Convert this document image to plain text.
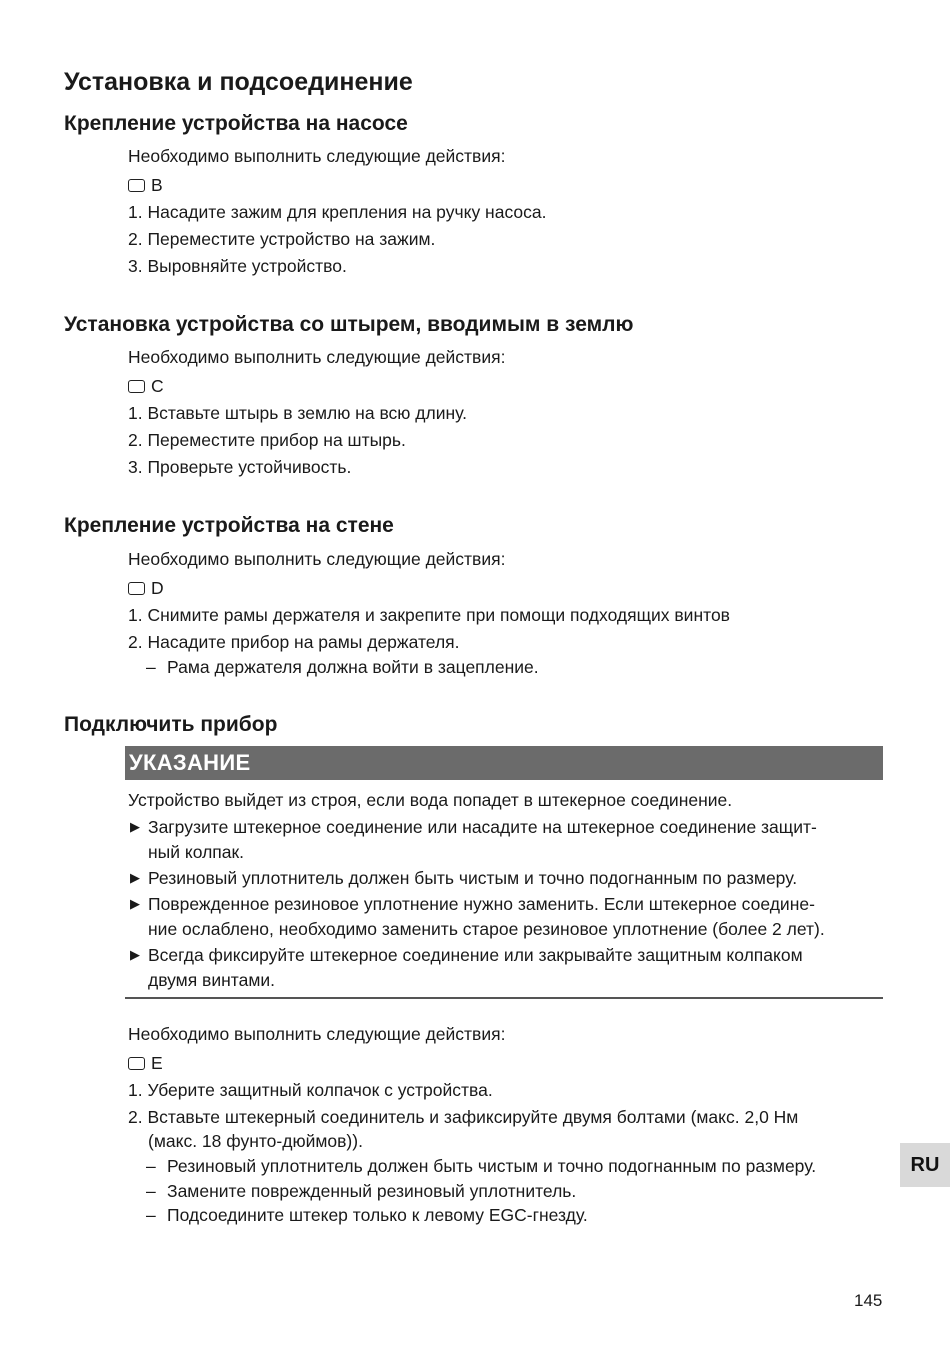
Установка и подсоединение
Крепление устройства на насосе
Необходимо выполнить следующие действия:
B
1. Насадите зажим для крепления на ручку насоса.
2. Переместите устройство на зажим.
3. Выровняйте устройство.
Установка устройства со штырем, вводимым в землю
Необходимо выполнить следующие действия:
C
1. Вставьте штырь в землю на всю длину.
2. Переместите прибор на штырь.
3. Проверьте устойчивость.
Крепление устройства на стене
Необходимо выполнить следующие действия:
D
1. Снимите рамы держателя и закрепите при помощи подходящих винтов
2. Насадите прибор на рамы держателя.
– Рама держателя должна войти в зацепление.
Подключить прибор
УКАЗАНИЕ
Устройство выйдет из строя, если вода попадет в штекерное соединение.
▶ Загрузите штекерное соединение или насадите на штекерное соединение защит-
ный колпак.
▶ Резиновый уплотнитель должен быть чистым и точно подогнанным по размеру.
▶ Поврежденное резиновое уплотнение нужно заменить. Если штекерное соедине-
ние ослаблено, необходимо заменить старое резиновое уплотнение (более 2 лет).
▶ Всегда фиксируйте штекерное соединение или закрывайте защитным колпаком
двумя винтами.
Необходимо выполнить следующие действия:
E
1. Уберите защитный колпачок с устройства.
2. Вставьте штекерный соединитель и зафиксируйте двумя болтами (макс. 2,0 Нм
(макс. 18 фунто-дюймов)).
– Резиновый уплотнитель должен быть чистым и точно подогнанным по размеру.
– Замените поврежденный резиновый уплотнитель.
– Подсоедините штекер только к левому EGC-гнезду.
RU
145
